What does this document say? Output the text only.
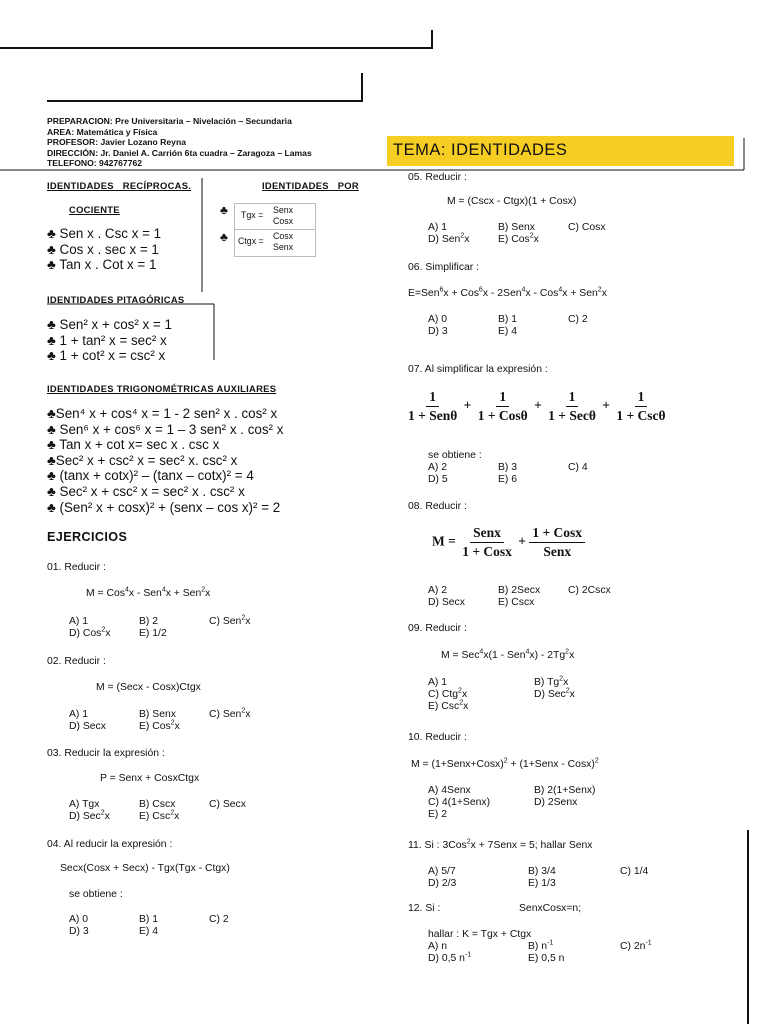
PREPARACION: Pre Universitaria – Nivelación – Secundaria
AREA: Matemática y Física
PROFESOR: Javier Lozano Reyna
DIRECCIÓN: Jr. Daniel A. Carrión 6ta cuadra – Zaragoza – Lamas
TELEFONO: 942767762
TEMA: IDENTIDADES
IDENTIDADES RECÍPROCAS.	IDENTIDADES POR
COCIENTE
♣ Sen x . Csc x = 1
♣ Cos x . sec x = 1
♣ Tan x . Cot x = 1
♣
♣
Tgx = Senx
Cosx
Ctgx = Cosx
Senx
IDENTIDADES PITAGÓRICAS
♣ Sen² x + cos² x = 1
♣ 1 + tan² x = sec² x
♣ 1 + cot² x = csc² x
IDENTIDADES TRIGONOMÉTRICAS AUXILIARES
♣Sen⁴ x + cos⁴ x = 1 - 2 sen² x . cos² x
♣ Sen⁶ x + cos⁶ x = 1 – 3 sen² x . cos² x
♣ Tan x + cot x= sec x . csc x
♣Sec² x + csc² x = sec² x. csc² x
♣ (tanx + cotx)² – (tanx – cotx)² = 4
♣ Sec² x + csc² x = sec² x . csc² x
♣ (Sen² x + cosx)² + (senx – cos x)² = 2
EJERCICIOS
01. Reducir :
M = Cos$^4$x - Sen$^4$x + Sen$^2$x
A) 1	B) 2	C) Sen$^2$x
D) Cos$^2$x	E) 1/2
02. Reducir :
M = (Secx - Cosx)Ctgx
A) 1	B) Senx	C) Sen$^2$x
D) Secx	E) Cos$^2$x
03. Reducir la expresión :
P = Senx + CosxCtgx
A) Tgx	B) Cscx	C) Secx
D) Sec$^2$x	E) Csc$^2$x
04. Al reducir la expresión :
Secx(Cosx + Secx) - Tgx(Tgx - Ctgx)
se obtiene :
A) 0	B) 1	C) 2
D) 3	E) 4
05. Reducir :
M = (Cscx - Ctgx)(1 + Cosx)
A) 1	B) Senx	C) Cosx
D) Sen$^2$x	E) Cos$^2$x
06. Simplificar :
E=Sen$^6$x + Cos$^6$x - 2Sen$^4$x - Cos$^4$x + Sen$^2$x
A) 0	B) 1	C) 2
D) 3	E) 4
07. Al simplificar la expresión :
$\frac{1}{\text{1 + Senθ}} + \frac{1}{\text{1 + Cosθ}} + \frac{1}{\text{1 + Secθ}} + \frac{1}{\text{1 + Cscθ}}$
se obtiene :
A) 2	B) 3	C) 4
D) 5	E) 6
08. Reducir :
$M = \frac{\text{Senx}}{\text{1 + Cosx}} + \frac{\text{1 + Cosx}}{\text{Senx}}$
A) 2	B) 2Secx	C) 2Cscx
D) Secx	E) Cscx
09. Reducir :
M = Sec$^4$x(1 - Sen$^4$x) - 2Tg$^2$x
A) 1	B) Tg$^2$x
C) Ctg$^2$x	D) Sec$^2$x
E) Csc$^2$x
10. Reducir :
M = (1+Senx+Cosx)$^2$ + (1+Senx - Cosx)$^2$
A) 4Senx	B) 2(1+Senx)
C) 4(1+Senx)	D) 2Senx
E) 2
11. Si : 3Cos$^2$x + 7Senx = 5; hallar Senx
A) 5/7	B) 3/4	C) 1/4
D) 2/3	E) 1/3
12. Si :	SenxCosx=n;
hallar : K = Tgx + Ctgx
A) n	B) $n^{-1}$	C) $2n^{-1}$
D) 0,5 $n^{-1}$	E) 0,5 n
